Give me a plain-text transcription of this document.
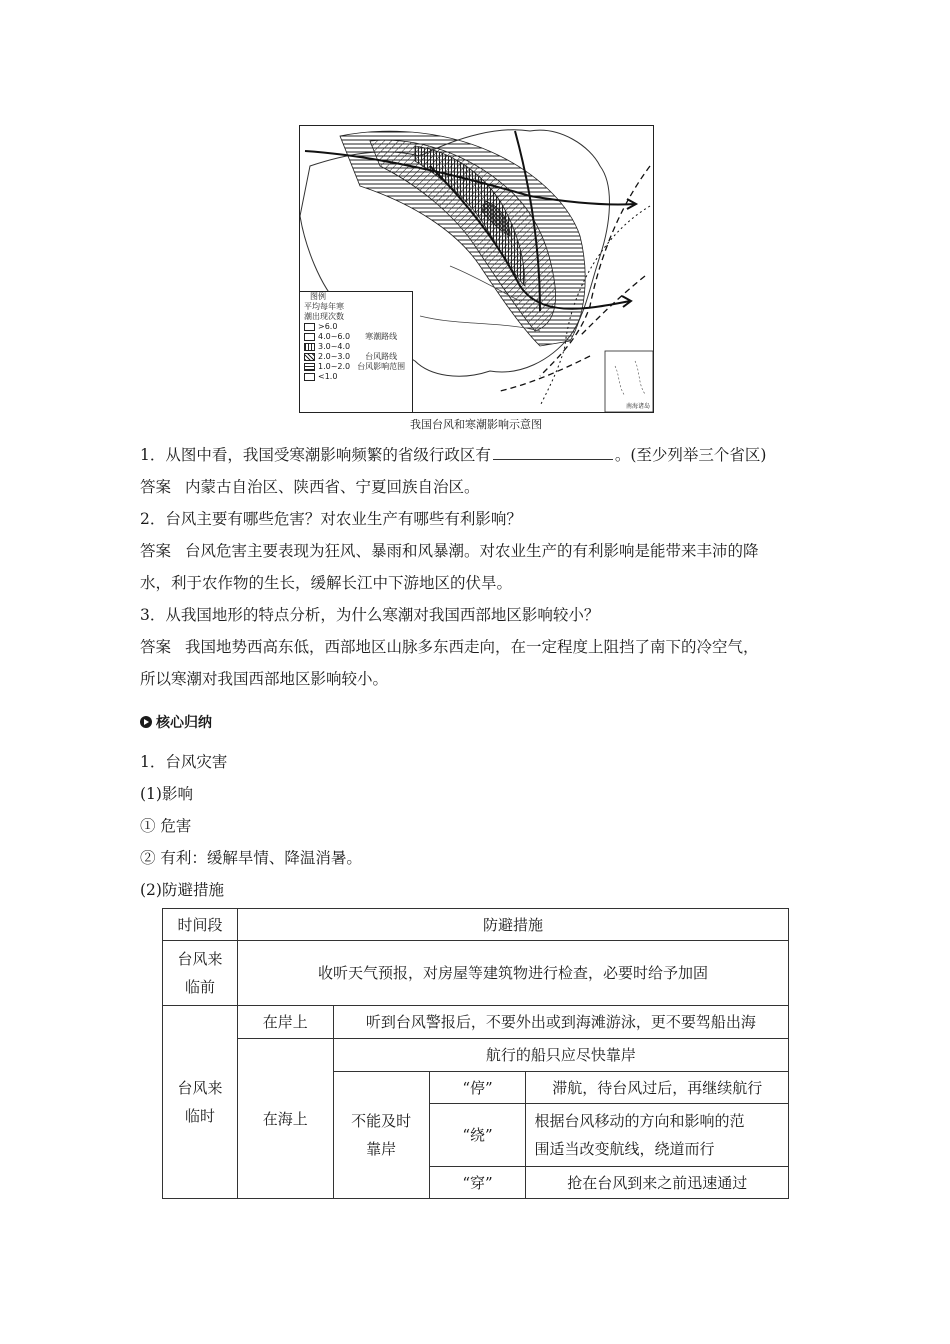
图例
平均每年寒
潮出现次数
>6.0
4.0~6.0 寒潮路线
3.0~4.0
2.0~3.0 台风路线
1.0~2.0 台风影响范围
<1.0
南海诸岛
我国台风和寒潮影响示意图
1．从图中看，我国受寒潮影响频繁的省级行政区有	。(至少列举三个省区)
答案 内蒙古自治区、陕西省、宁夏回族自治区。
2．台风主要有哪些危害？对农业生产有哪些有利影响？
答案 台风危害主要表现为狂风、暴雨和风暴潮。对农业生产的有利影响是能带来丰沛的降
水，利于农作物的生长，缓解长江中下游地区的伏旱。
3．从我国地形的特点分析，为什么寒潮对我国西部地区影响较小？
答案 我国地势西高东低，西部地区山脉多东西走向，在一定程度上阻挡了南下的冷空气，
所以寒潮对我国西部地区影响较小。
核心归纳
1．台风灾害
(1)影响
① 危害
② 有利：缓解旱情、降温消暑。
(2)防避措施
时间段	防避措施			

台风来
临前	收听天气预报，对房屋等建筑物进行检查，必要时给予加固			

台风来
临时	在岸上	听到台风警报后，不要外出或到海滩游泳，更不要驾船出海		
	在海上	航行的船只应尽快靠岸		

		不能及时
靠岸	“停”	滞航，待台风过后，再继续航行
			“绕”	根据台风移动的方向和影响的范
围适当改变航线，绕道而行

			“穿”	抢在台风到来之前迅速通过
